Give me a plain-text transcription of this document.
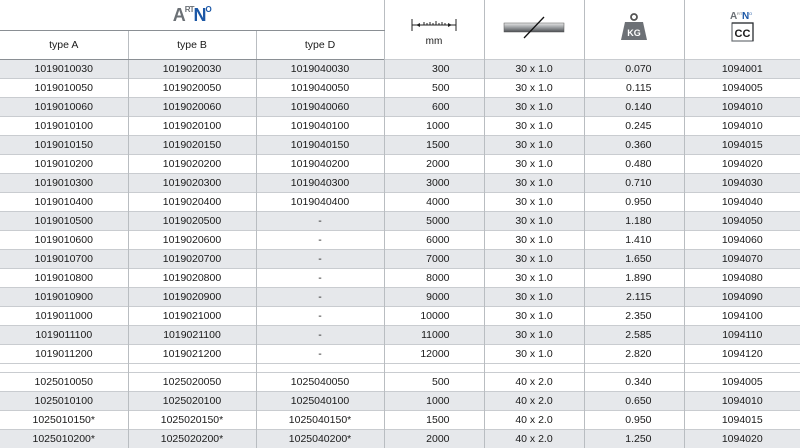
$A^{RT}N^O$			mm		KG	A RT N O
CC

type A	type B	type D				
1019010030	1019020030	1019040030	300	30 x 1.0	0.070	1094001
1019010050	1019020050	1019040050	500	30 x 1.0	0.115	1094005
1019010060	1019020060	1019040060	600	30 x 1.0	0.140	1094010
1019010100	1019020100	1019040100	1000	30 x 1.0	0.245	1094010
1019010150	1019020150	1019040150	1500	30 x 1.0	0.360	1094015
1019010200	1019020200	1019040200	2000	30 x 1.0	0.480	1094020
1019010300	1019020300	1019040300	3000	30 x 1.0	0.710	1094030
1019010400	1019020400	1019040400	4000	30 x 1.0	0.950	1094040
1019010500	1019020500	-	5000	30 x 1.0	1.180	1094050
1019010600	1019020600	-	6000	30 x 1.0	1.410	1094060
1019010700	1019020700	-	7000	30 x 1.0	1.650	1094070
1019010800	1019020800	-	8000	30 x 1.0	1.890	1094080
1019010900	1019020900	-	9000	30 x 1.0	2.115	1094090
1019011000	1019021000	-	10000	30 x 1.0	2.350	1094100
1019011100	1019021100	-	11000	30 x 1.0	2.585	1094110
1019011200	1019021200	-	12000	30 x 1.0	2.820	1094120

1025010050	1025020050	1025040050	500	40 x 2.0	0.340	1094005
1025010100	1025020100	1025040100	1000	40 x 2.0	0.650	1094010
1025010150*	1025020150*	1025040150*	1500	40 x 2.0	0.950	1094015
1025010200*	1025020200*	1025040200*	2000	40 x 2.0	1.250	1094020
